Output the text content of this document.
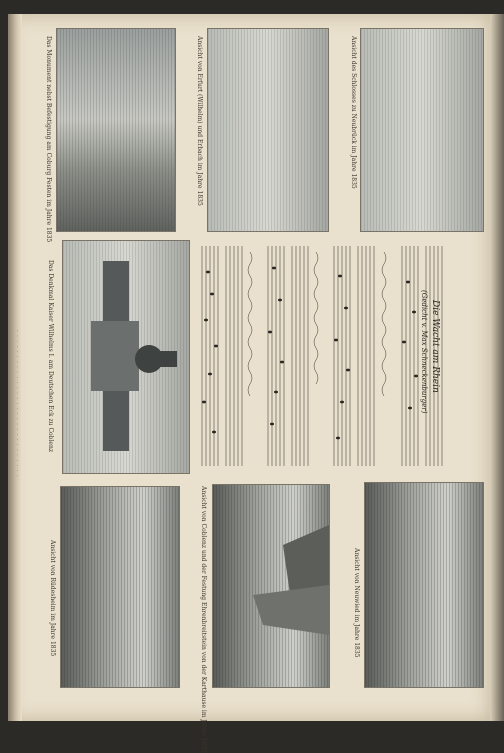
Das Monument nebst Befestigung am Coburg Festen im Jahre 1835	Ansicht von Erfurt (Wilhelm) und Erbach im Jahre 1835	Ansicht des Schlosses zu Neubrück im Jahre 1835
Das Denkmal Kaiser Wilhelms I. am Deutschen Eck zu Coblenz	Die Wacht am Rhein
(Gedicht v. Max Schneckenburger)
Ansicht von Rüdesheim im Jahre 1835	Ansicht von Coblenz und der Festung Ehrenbreitstein von der Karthause im Jahre 1835	Ansicht von Neuwied im Jahre 1835
· · · · · · · · · · · · · · · · · · · · · · · · · · · · ·
